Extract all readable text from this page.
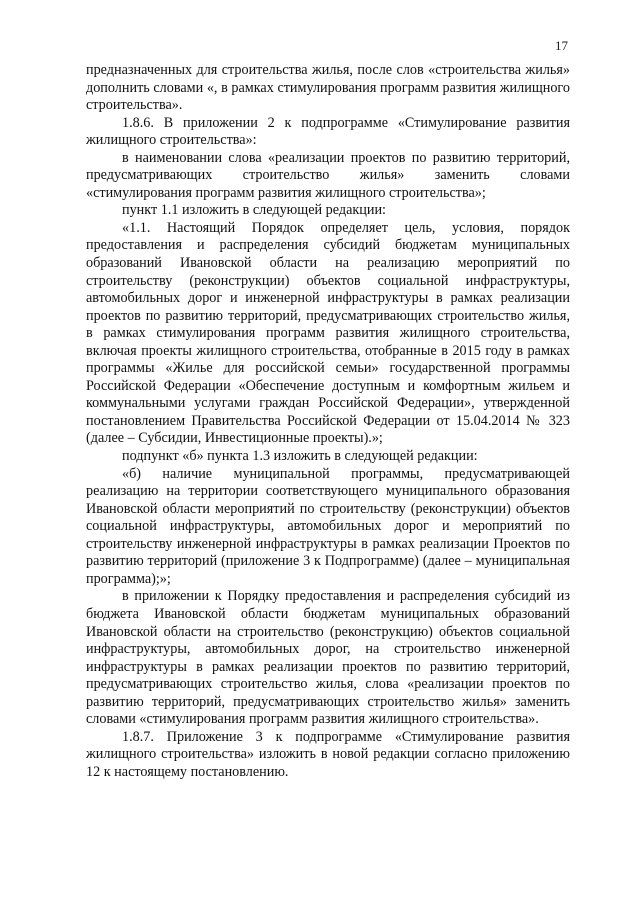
17

предназначенных для строительства жилья, после слов «строительства жилья» дополнить словами «, в рамках стимулирования программ развития жилищного строительства».

1.8.6. В приложении 2 к подпрограмме «Стимулирование развития жилищного строительства»:

в наименовании слова «реализации проектов по развитию территорий, предусматривающих строительство жилья» заменить словами «стимулирования программ развития жилищного строительства»;

пункт 1.1 изложить в следующей редакции:

«1.1. Настоящий Порядок определяет цель, условия, порядок предоставления и распределения субсидий бюджетам муниципальных образований Ивановской области на реализацию мероприятий по строительству (реконструкции) объектов социальной инфраструктуры, автомобильных дорог и инженерной инфраструктуры в рамках реализации проектов по развитию территорий, предусматривающих строительство жилья, в рамках стимулирования программ развития жилищного строительства, включая проекты жилищного строительства, отобранные в 2015 году в рамках программы «Жилье для российской семьи» государственной программы Российской Федерации «Обеспечение доступным и комфортным жильем и коммунальными услугами граждан Российской Федерации», утвержденной постановлением Правительства Российской Федерации от 15.04.2014 № 323 (далее – Субсидии, Инвестиционные проекты).»;

подпункт «б» пункта 1.3 изложить в следующей редакции:

«б) наличие муниципальной программы, предусматривающей реализацию на территории соответствующего муниципального образования Ивановской области мероприятий по строительству (реконструкции) объектов социальной инфраструктуры, автомобильных дорог и мероприятий по строительству инженерной инфраструктуры в рамках реализации Проектов по развитию территорий (приложение 3 к Подпрограмме) (далее – муниципальная программа);»;

в приложении к Порядку предоставления и распределения субсидий из бюджета Ивановской области бюджетам муниципальных образований Ивановской области на строительство (реконструкцию) объектов социальной инфраструктуры, автомобильных дорог, на строительство инженерной инфраструктуры в рамках реализации проектов по развитию территорий, предусматривающих строительство жилья, слова «реализации проектов по развитию территорий, предусматривающих строительство жилья» заменить словами «стимулирования программ развития жилищного строительства».

1.8.7. Приложение 3 к подпрограмме «Стимулирование развития жилищного строительства» изложить в новой редакции согласно приложению 12 к настоящему постановлению.
